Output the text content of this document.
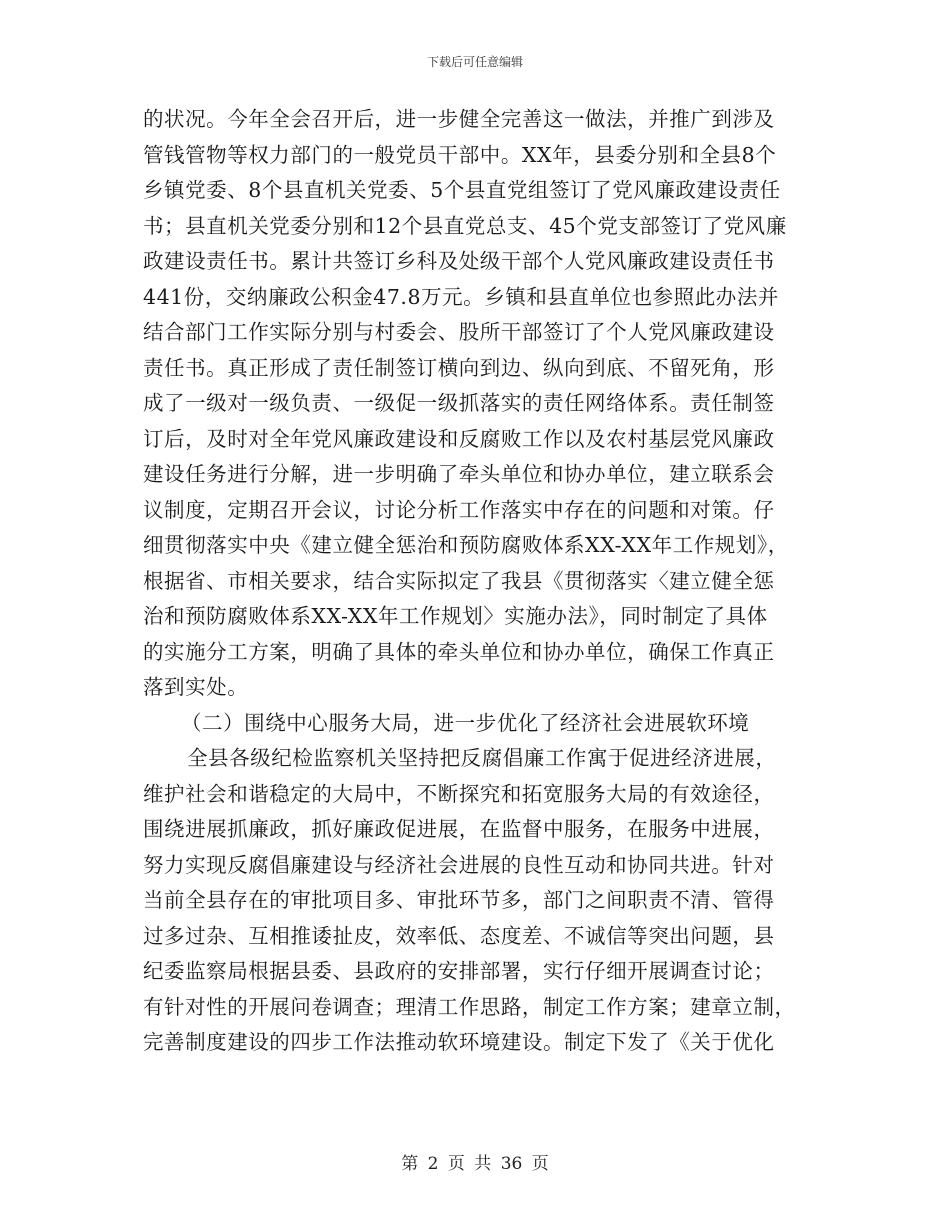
下载后可任意编辑
的状况。今年全会召开后，进一步健全完善这一做法，并推广到涉及
管钱管物等权力部门的一般党员干部中。XX年，县委分别和全县8个
乡镇党委、8个县直机关党委、5个县直党组签订了党风廉政建设责任
书；县直机关党委分别和12个县直党总支、45个党支部签订了党风廉
政建设责任书。累计共签订乡科及处级干部个人党风廉政建设责任书
441份，交纳廉政公积金47.8万元。乡镇和县直单位也参照此办法并
结合部门工作实际分别与村委会、股所干部签订了个人党风廉政建设
责任书。真正形成了责任制签订横向到边、纵向到底、不留死角，形
成了一级对一级负责、一级促一级抓落实的责任网络体系。责任制签
订后，及时对全年党风廉政建设和反腐败工作以及农村基层党风廉政
建设任务进行分解，进一步明确了牵头单位和协办单位，建立联系会
议制度，定期召开会议，讨论分析工作落实中存在的问题和对策。仔
细贯彻落实中央《建立健全惩治和预防腐败体系XX-XX年工作规划》，
根据省、市相关要求，结合实际拟定了我县《贯彻落实〈建立健全惩
治和预防腐败体系XX-XX年工作规划〉实施办法》，同时制定了具体
的实施分工方案，明确了具体的牵头单位和协办单位，确保工作真正
落到实处。
（二）围绕中心服务大局，进一步优化了经济社会进展软环境
全县各级纪检监察机关坚持把反腐倡廉工作寓于促进经济进展，
维护社会和谐稳定的大局中，不断探究和拓宽服务大局的有效途径，
围绕进展抓廉政，抓好廉政促进展，在监督中服务，在服务中进展，
努力实现反腐倡廉建设与经济社会进展的良性互动和协同共进。针对
当前全县存在的审批项目多、审批环节多，部门之间职责不清、管得
过多过杂、互相推诿扯皮，效率低、态度差、不诚信等突出问题，县
纪委监察局根据县委、县政府的安排部署，实行仔细开展调查讨论；
有针对性的开展问卷调查；理清工作思路，制定工作方案；建章立制，
完善制度建设的四步工作法推动软环境建设。制定下发了《关于优化
第 2 页 共 36 页
